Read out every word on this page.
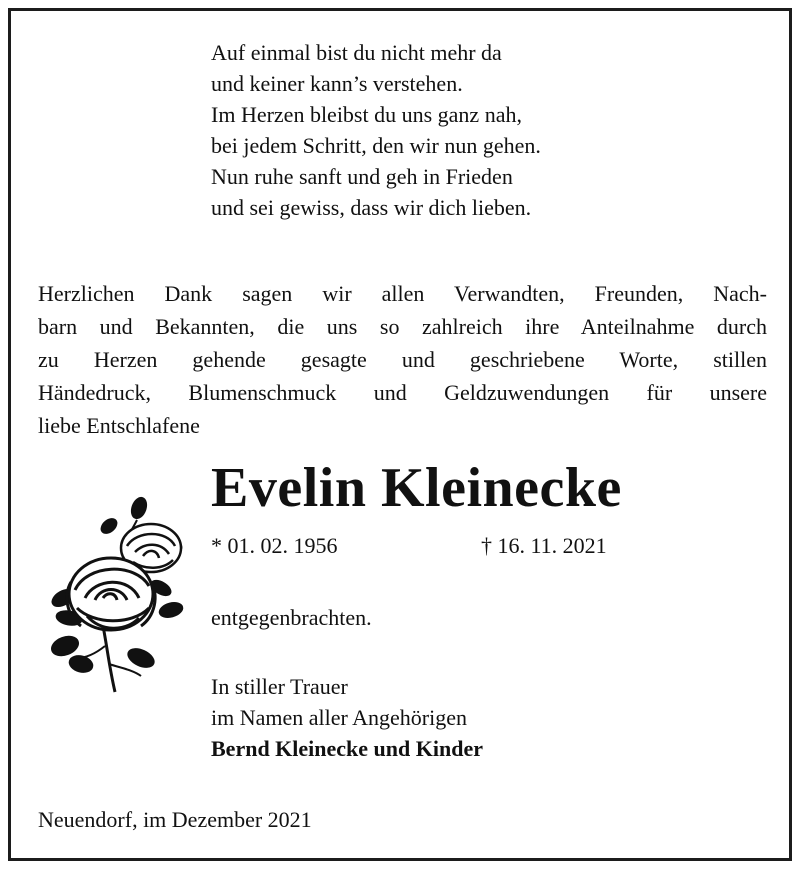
Auf einmal bist du nicht mehr da
und keiner kann’s verstehen.
Im Herzen bleibst du uns ganz nah,
bei jedem Schritt, den wir nun gehen.
Nun ruhe sanft und geh in Frieden
und sei gewiss, dass wir dich lieben.
Herzlichen Dank sagen wir allen Verwandten, Freunden, Nach-
barn und Bekannten, die uns so zahlreich ihre Anteilnahme durch
zu Herzen gehende gesagte und geschriebene Worte, stillen
Händedruck, Blumenschmuck und Geldzuwendungen für unsere
liebe Entschlafene
Evelin Kleinecke
* 01. 02. 1956	† 16. 11. 2021
entgegenbrachten.
In stiller Trauer
im Namen aller Angehörigen
Bernd Kleinecke und Kinder
Neuendorf, im Dezember 2021
